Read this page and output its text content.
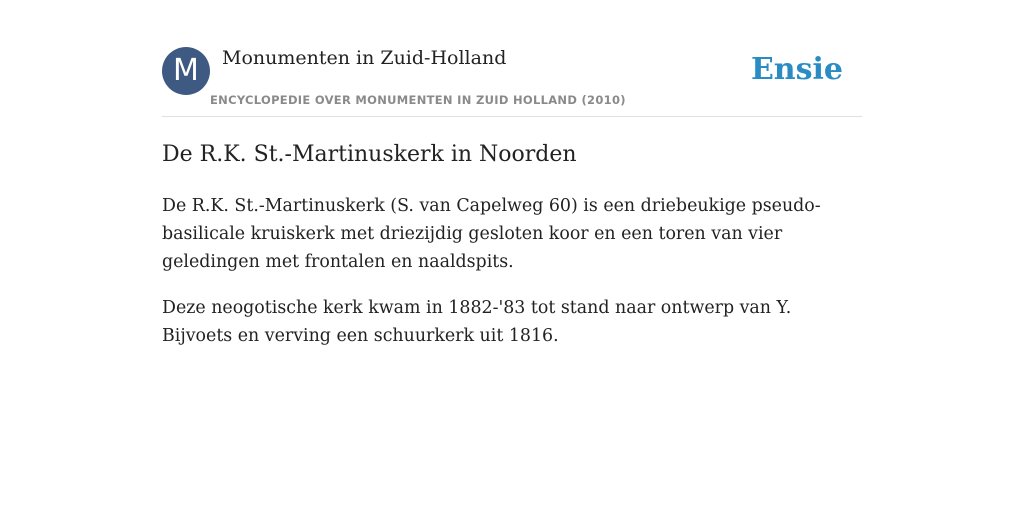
M	Monumenten in Zuid-Holland
ENCYCLOPEDIE OVER MONUMENTEN IN ZUID HOLLAND (2010)
Ensie
De R.K. St.-Martinuskerk in Noorden

De R.K. St.-Martinuskerk (S. van Capelweg 60) is een driebeukige pseudo-basilicale kruiskerk met driezijdig gesloten koor en een toren van vier geledingen met frontalen en naaldspits.

Deze neogotische kerk kwam in 1882-'83 tot stand naar ontwerp van Y. Bijvoets en verving een schuurkerk uit 1816.
